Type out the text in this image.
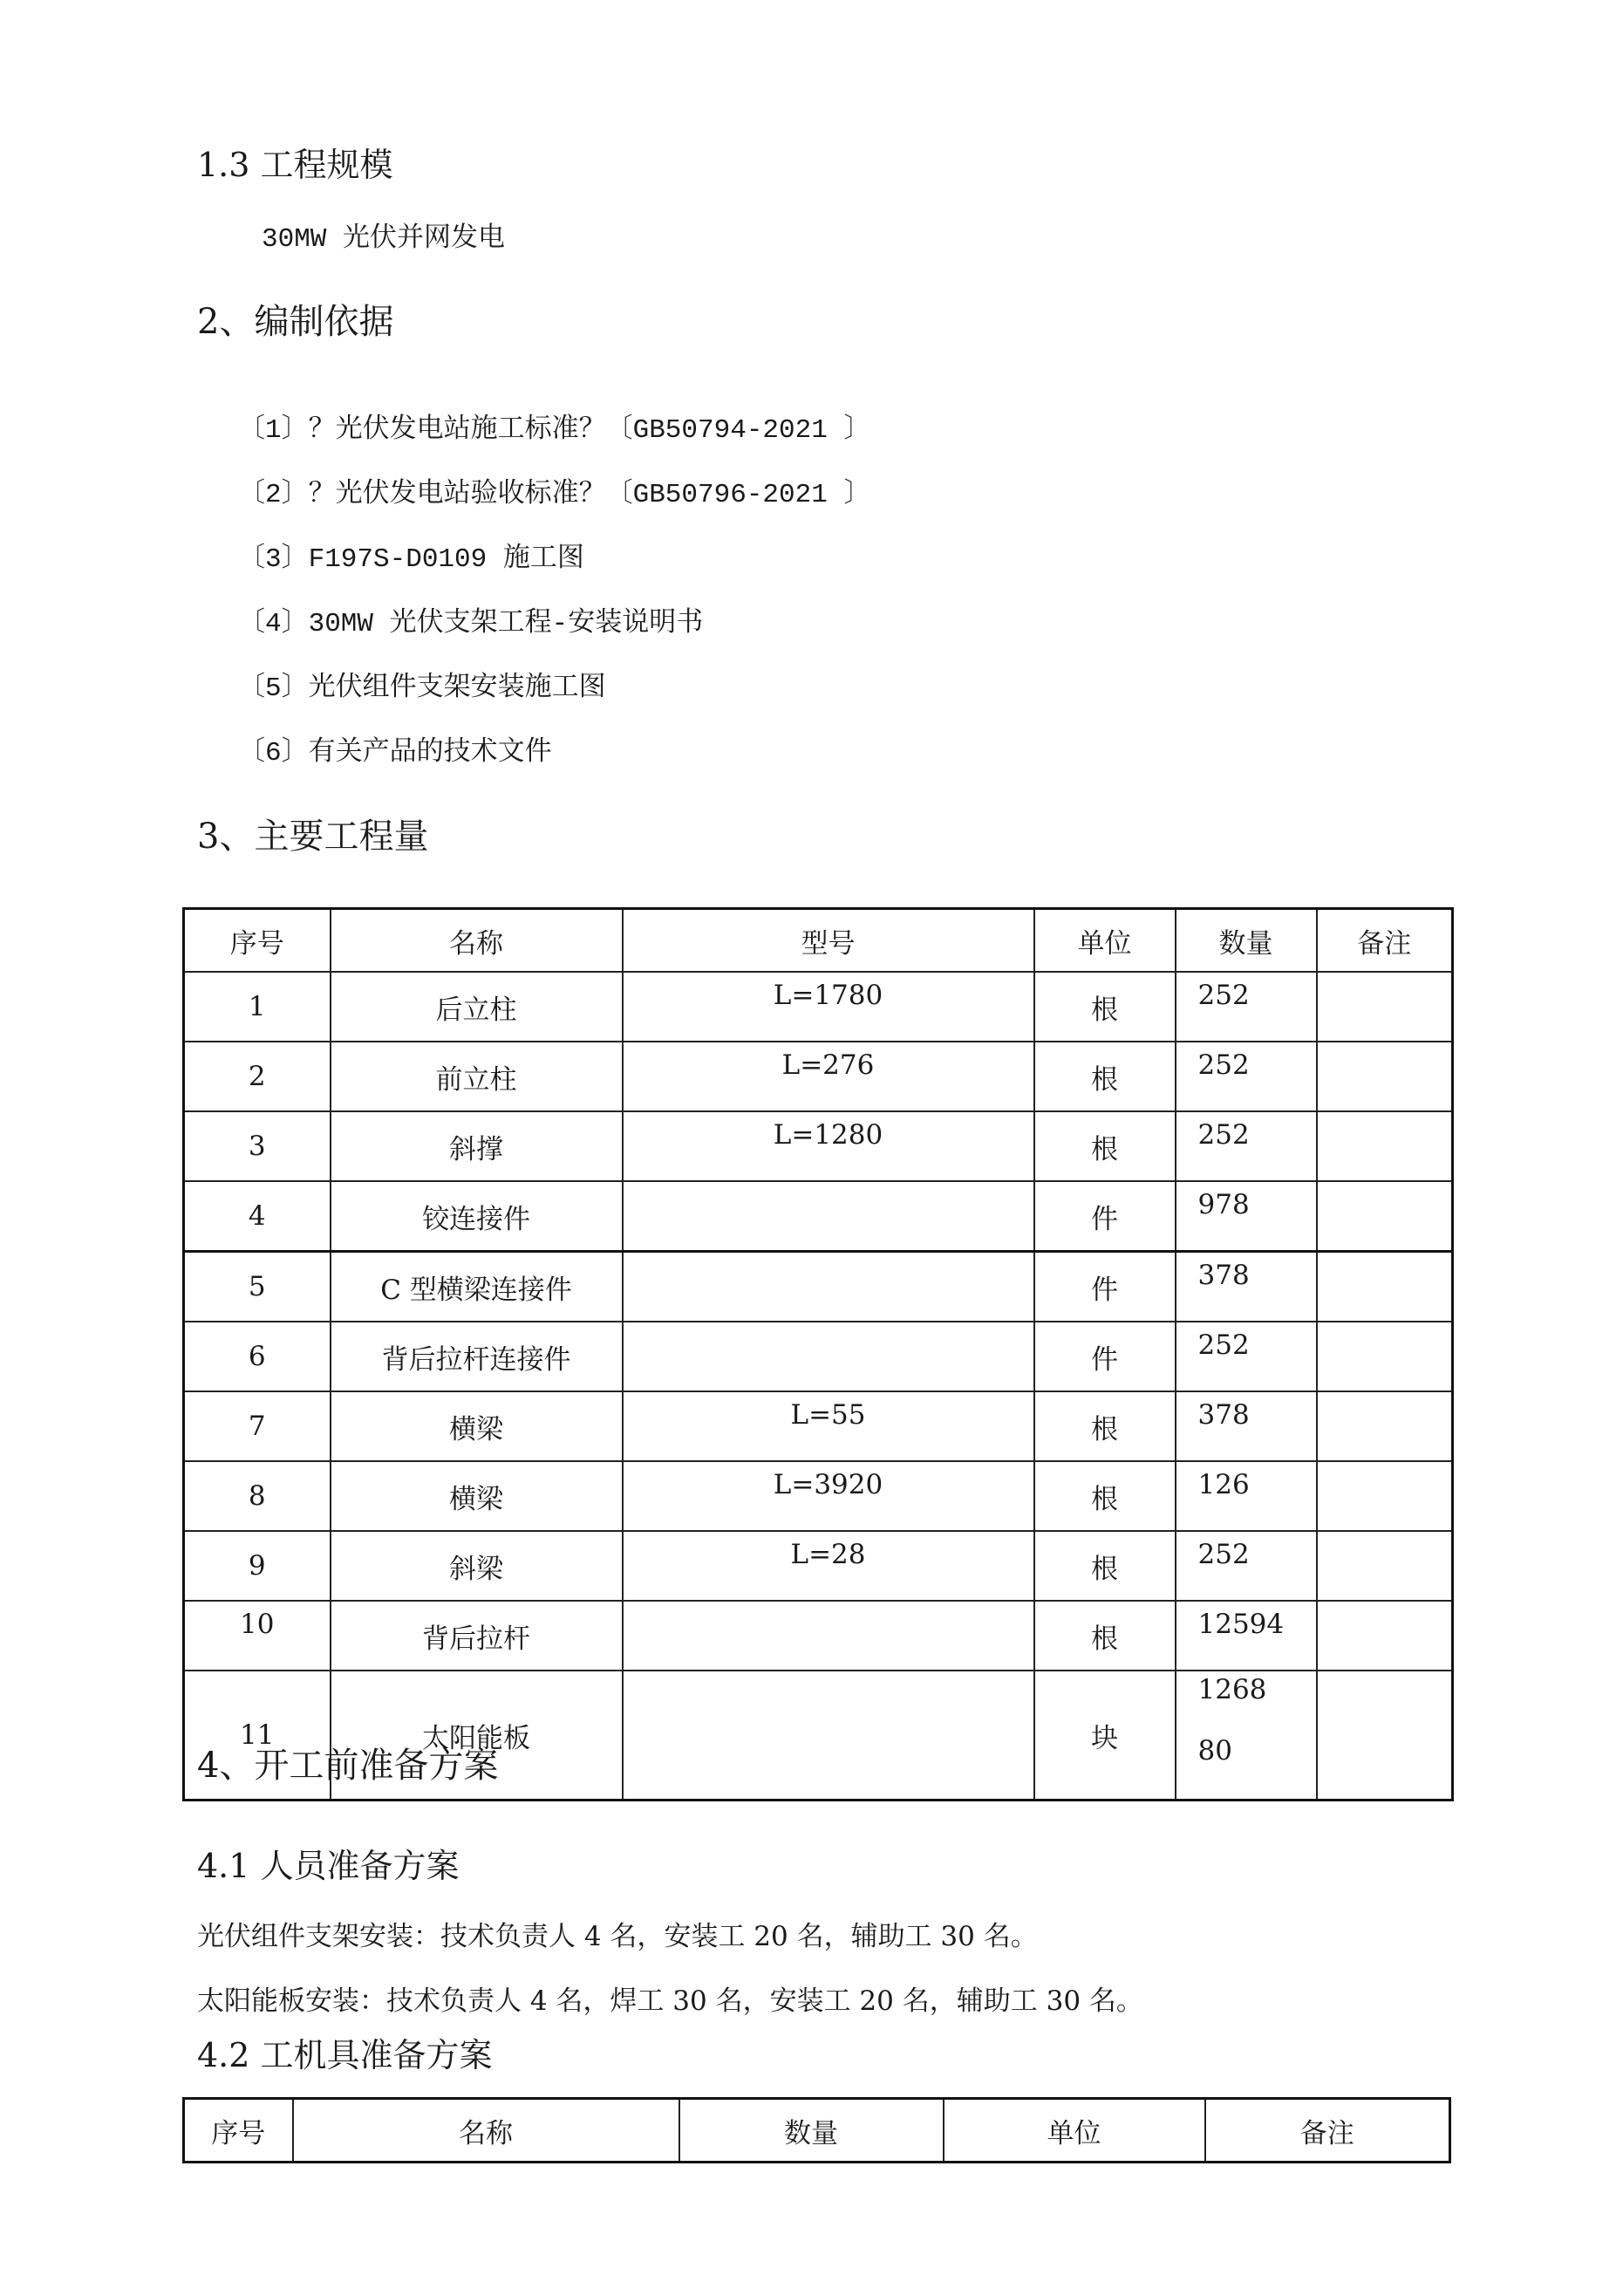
1.3 工程规模
30MW 光伏并网发电
2、编制依据
〔1〕？光伏发电站施工标准？〔GB50794-2021 〕
〔2〕？光伏发电站验收标准？〔GB50796-2021 〕
〔3〕F197S-D0109 施工图
〔4〕30MW 光伏支架工程-安装说明书
〔5〕光伏组件支架安装施工图
〔6〕有关产品的技术文件
3、主要工程量
序号	名称	型号	单位	数量	备注
1	后立柱	L=1780	根	252	
2	前立柱	L=276	根	252	
3	斜撑	L=1280	根	252	
4	铰连接件		件	978	
5	C 型横梁连接件		件	378	
6	背后拉杆连接件		件	252	
7	横梁	L=55	根	378	
8	横梁	L=3920	根	126	
9	斜梁	L=28	根	252	
10	背后拉杆		根	12594	
11	太阳能板		块	126880	

4、开工前准备方案
4.1 人员准备方案
光伏组件支架安装：技术负责人 4 名，安装工 20 名，辅助工 30 名。
太阳能板安装：技术负责人 4 名，焊工 30 名，安装工 20 名，辅助工 30 名。
4.2 工机具准备方案
序号	名称	数量	单位	备注
